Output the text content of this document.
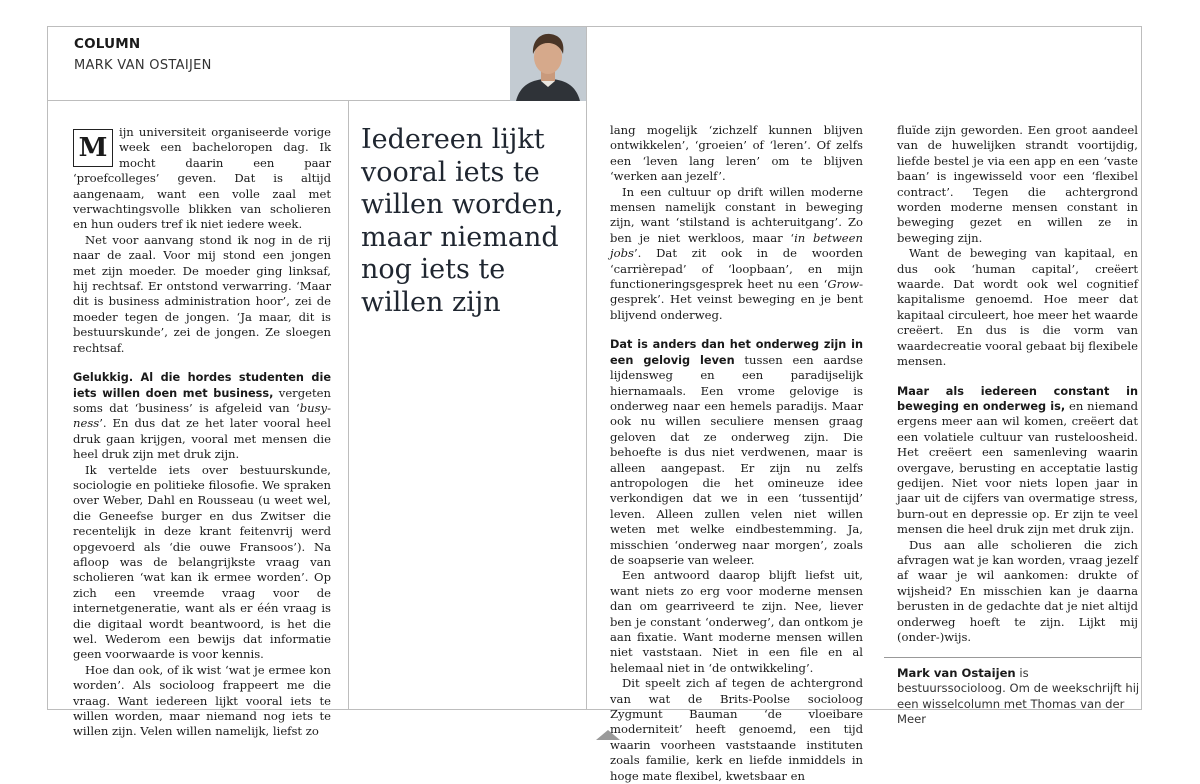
COLUMN
MARK VAN OSTAIJEN
M

ijn universiteit organiseerde vorige week een bacheloropen dag. Ik mocht daarin een paar ‘proefcolleges’ geven. Dat is altijd aangenaam, want een volle zaal met verwachtingsvolle blikken van scholieren en hun ouders tref ik niet iedere week.

Net voor aanvang stond ik nog in de rij naar de zaal. Voor mij stond een jongen met zijn moeder. De moeder ging linksaf, hij rechtsaf. Er ontstond verwarring. ‘Maar dit is business administration hoor’, zei de moeder tegen de jongen. ‘Ja maar, dit is bestuurskunde’, zei de jongen. Ze sloegen rechtsaf.

Gelukkig. Al die hordes studenten die iets willen doen met business, vergeten soms dat ‘business’ is afgeleid van ‘busyness’. En dus dat ze het later vooral heel druk gaan krijgen, vooral met mensen die heel druk zijn met druk zijn.

Ik vertelde iets over bestuurskunde, sociologie en politieke filosofie. We spraken over Weber, Dahl en Rousseau (u weet wel, die Geneefse burger en dus Zwitser die recentelijk in deze krant feitenvrij werd opgevoerd als ‘die ouwe Fransoos’). Na afloop was de belangrijkste vraag van scholieren ‘wat kan ik ermee worden’. Op zich een vreemde vraag voor de internetgeneratie, want als er één vraag is die digitaal wordt beantwoord, is het die wel. Wederom een bewijs dat informatie geen voorwaarde is voor kennis.

Hoe dan ook, of ik wist ‘wat je ermee kon worden’. Als socioloog frappeert me die vraag. Want iedereen lijkt vooral iets te willen worden, maar niemand nog iets te willen zijn. Velen willen namelijk, liefst zo

Iedereen lijkt vooral iets te willen worden, maar niemand nog iets te willen zijn

lang mogelijk ‘zichzelf kunnen blijven ontwikkelen’, ‘groeien’ of ‘leren’. Of zelfs een ‘leven lang leren’ om te blijven ‘werken aan jezelf’.

In een cultuur op drift willen moderne mensen namelijk constant in beweging zijn, want ‘stilstand is achteruitgang’. Zo ben je niet werkloos, maar ‘in between jobs’. Dat zit ook in de woorden ‘carrièrepad’ of ‘loopbaan’, en mijn functioneringsgesprek heet nu een ‘Grow-gesprek’. Het veinst beweging en je bent blijvend onderweg.

Dat is anders dan het onderweg zijn in een gelovig leven tussen een aardse lijdensweg en een paradijselijk hiernamaals. Een vrome gelovige is onderweg naar een hemels paradijs. Maar ook nu willen seculiere mensen graag geloven dat ze onderweg zijn. Die behoefte is dus niet verdwenen, maar is alleen aangepast. Er zijn nu zelfs antropologen die het omineuze idee verkondigen dat we in een ‘tussentijd’ leven. Alleen zullen velen niet willen weten met welke eindbestemming. Ja, misschien ‘onderweg naar morgen’, zoals de soapserie van weleer.

Een antwoord daarop blijft liefst uit, want niets zo erg voor moderne mensen dan om gearriveerd te zijn. Nee, liever ben je constant ‘onderweg’, dan ontkom je aan fixatie. Want moderne mensen willen niet vaststaan. Niet in een file en al helemaal niet in ‘de ontwikkeling’.

Dit speelt zich af tegen de achtergrond van wat de Brits-Poolse socioloog Zygmunt Bauman ‘de vloeibare moderniteit’ heeft genoemd, een tijd waarin voorheen vaststaande instituten zoals familie, kerk en liefde inmiddels in hoge mate flexibel, kwetsbaar en

fluïde zijn geworden. Een groot aandeel van de huwelijken strandt voortijdig, liefde bestel je via een app en een ‘vaste baan’ is ingewisseld voor een ‘flexibel contract’. Tegen die achtergrond worden moderne mensen constant in beweging gezet en willen ze in beweging zijn.

Want de beweging van kapitaal, en dus ook ‘human capital’, creëert waarde. Dat wordt ook wel cognitief kapitalisme genoemd. Hoe meer dat kapitaal circuleert, hoe meer het waarde creëert. En dus is die vorm van waardecreatie vooral gebaat bij flexibele mensen.

Maar als iedereen constant in beweging en onderweg is, en niemand ergens meer aan wil komen, creëert dat een volatiele cultuur van rusteloosheid. Het creëert een samenleving waarin overgave, berusting en acceptatie lastig gedijen. Niet voor niets lopen jaar in jaar uit de cijfers van overmatige stress, burn-out en depressie op. Er zijn te veel mensen die heel druk zijn met druk zijn.

Dus aan alle scholieren die zich afvragen wat je kan worden, vraag jezelf af waar je wil aankomen: drukte of wijsheid? En misschien kan je daarna berusten in de gedachte dat je niet altijd onderweg hoeft te zijn. Lijkt mij (onder-)wijs.

Mark van Ostaijen is bestuurssocioloog. Om de weekschrijft hij een wisselcolumn met Thomas van der Meer
